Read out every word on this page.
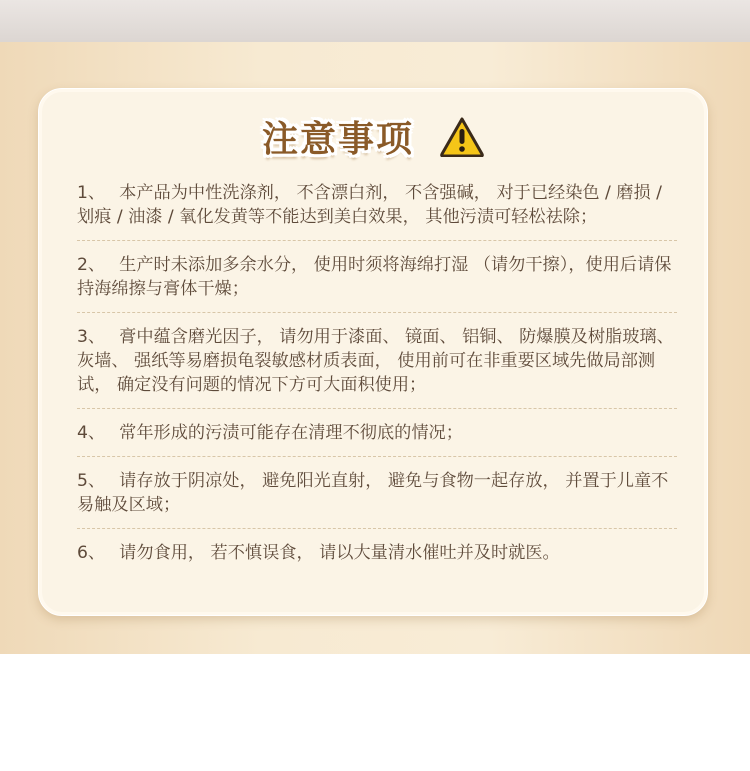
注意事项
1、 本产品为中性洗涤剂， 不含漂白剂， 不含强碱， 对于已经染色 / 磨损 / 划痕 / 油漆 / 氧化发黄等不能达到美白效果， 其他污渍可轻松祛除；
2、 生产时未添加多余水分， 使用时须将海绵打湿 （请勿干擦），使用后请保持海绵擦与膏体干燥；
3、 膏中蕴含磨光因子， 请勿用于漆面、 镜面、 铝铜、 防爆膜及树脂玻璃、 灰墙、 强纸等易磨损龟裂敏感材质表面， 使用前可在非重要区域先做局部测试， 确定没有问题的情况下方可大面积使用；
4、 常年形成的污渍可能存在清理不彻底的情况；
5、 请存放于阴凉处， 避免阳光直射， 避免与食物一起存放， 并置于儿童不易触及区域；
6、 请勿食用， 若不慎误食， 请以大量清水催吐并及时就医。
